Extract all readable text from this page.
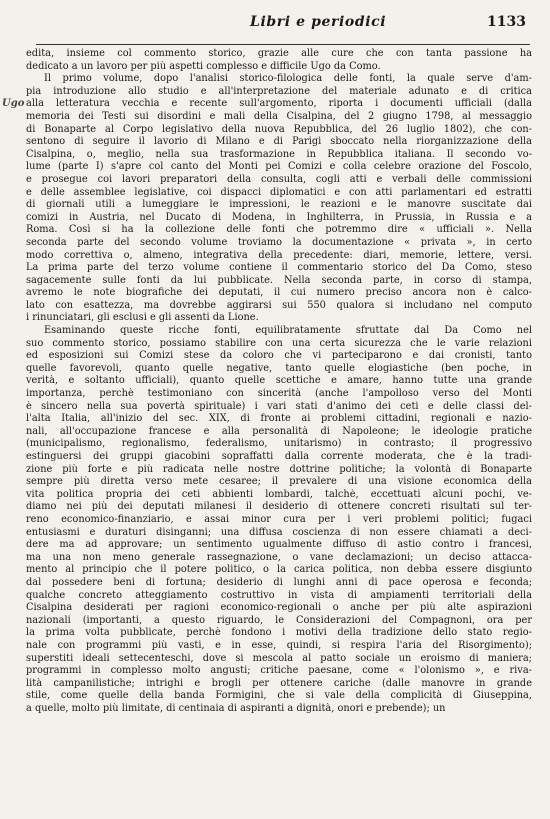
Libri e periodici	1133
Ugo
edita, insieme col commento storico, grazie alle cure che con tanta passione ha
dedicato a un lavoro per più aspetti complesso e difficile Ugo da Como.
Il primo volume, dopo l'analisi storico-filologica delle fonti, la quale serve d'am-
pia introduzione allo studio e all'interpretazione del materiale adunato e di critica
alla letteratura vecchia e recente sull'argomento, riporta i documenti ufficiali (dalla
memoria dei Testi sui disordini e mali della Cisalpina, del 2 giugno 1798, al messaggio
di Bonaparte al Corpo legislativo della nuova Repubblica, del 26 luglio 1802), che con-
sentono di seguire il lavorio di Milano e di Parigi sboccato nella riorganizzazione della
Cisalpina, o, meglio, nella sua trasformazione in Repubblica italiana. Il secondo vo-
lume (parte I) s'apre col canto del Monti pei Comizi e colla celebre orazione del Foscolo,
e prosegue coi lavori preparatori della consulta, cogli atti e verbali delle commissioni
e delle assemblee legislative, coi dispacci diplomatici e con atti parlamentari ed estratti
di giornali utili a lumeggiare le impressioni, le reazioni e le manovre suscitate dai
comizi in Austria, nel Ducato di Modena, in Inghilterra, in Prussia, in Russia e a
Roma. Così si ha la collezione delle fonti che potremmo dire « ufficiali ». Nella
seconda parte del secondo volume troviamo la documentazione « privata », in certo
modo correttiva o, almeno, integrativa della precedente: diari, memorie, lettere, versi.
La prima parte del terzo volume contiene il commentario storico del Da Como, steso
sagacemente sulle fonti da lui pubblicate. Nella seconda parte, in corso di stampa,
avremo le note biografiche dei deputati, il cui numero preciso ancora non è calco-
lato con esattezza, ma dovrebbe aggirarsi sui 550 qualora si includano nel computo
i rinunciatari, gli esclusi e gli assenti da Lione.
Esaminando queste ricche fonti, equilibratamente sfruttate dal Da Como nel
suo commento storico, possiamo stabilire con una certa sicurezza che le varie relazioni
ed esposizioni sui Comizi stese da coloro che vi parteciparono e dai cronisti, tanto
quelle favorevoli, quanto quelle negative, tanto quelle elogiastiche (ben poche, in
verità, e soltanto ufficiali), quanto quelle scettiche e amare, hanno tutte una grande
importanza, perchè testimoniano con sincerità (anche l'ampolloso verso del Monti
è sincero nella sua povertà spirituale) i vari stati d'animo dei ceti e delle classi del-
l'alta Italia, all'inizio del sec. XIX, di fronte ai problemi cittadini, regionali e nazio-
nali, all'occupazione francese e alla personalità di Napoleone; le ideologie pratiche
(municipalismo, regionalismo, federalismo, unitarismo) in contrasto; il progressivo
estinguersi dei gruppi giacobini sopraffatti dalla corrente moderata, che è la tradi-
zione più forte e più radicata nelle nostre dottrine politiche; la volontà di Bonaparte
sempre più diretta verso mete cesaree; il prevalere di una visione economica della
vita politica propria dei ceti abbienti lombardi, talchè, eccettuati alcuni pochi, ve-
diamo nei più dei deputati milanesi il desiderio di ottenere concreti risultati sul ter-
reno economico-finanziario, e assai minor cura per i veri problemi politici; fugaci
entusiasmi e duraturi disinganni; una diffusa coscienza di non essere chiamati a deci-
dere ma ad approvare; un sentimento ugualmente diffuso di astio contro i francesi,
ma una non meno generale rassegnazione, o vane declamazioni; un deciso attacca-
mento al principio che il potere politico, o la carica politica, non debba essere disgiunto
dal possedere beni di fortuna; desiderio di lunghi anni di pace operosa e feconda;
qualche concreto atteggiamento costruttivo in vista di ampiamenti territoriali della
Cisalpina desiderati per ragioni economico-regionali o anche per più alte aspirazioni
nazionali (importanti, a questo riguardo, le Considerazioni del Compagnoni, ora per
la prima volta pubblicate, perchè fondono i motivi della tradizione dello stato regio-
nale con programmi più vasti, e in esse, quindi, si respira l'aria del Risorgimento);
superstiti ideali settecenteschi, dove si mescola al patto sociale un eroismo di maniera;
programmi in complesso molto angusti; critiche paesane, come « l'olonismo », e riva-
lità campanilistiche; intrighi e brogli per ottenere cariche (dalle manovre in grande
stile, come quelle della banda Formigini, che si vale della complicità di Giuseppina,
a quelle, molto più limitate, di centinaia di aspiranti a dignità, onori e prebende); un
